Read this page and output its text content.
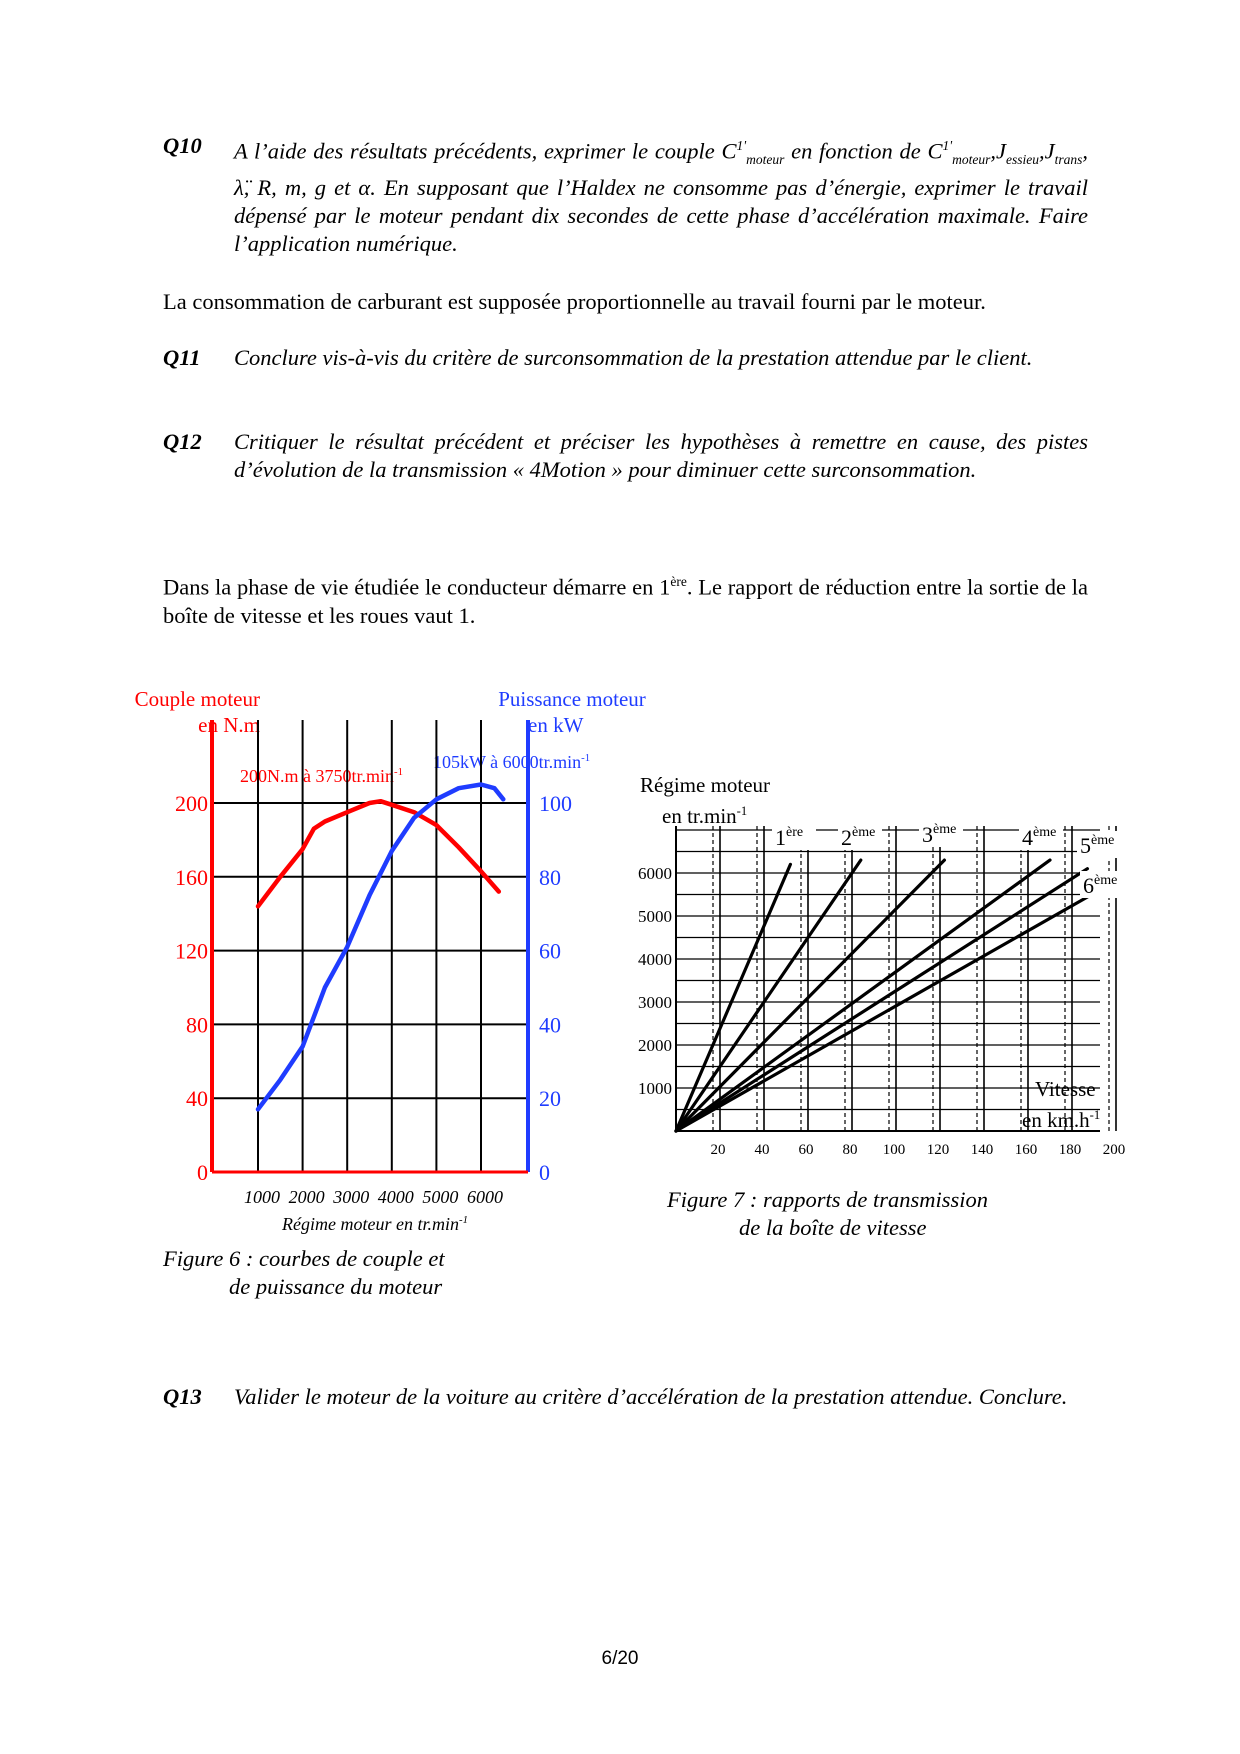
Q10 A l’aide des résultats précédents, exprimer le couple $C^{1'}_{moteur}$ en fonction de $C^{1'}_{moteur},J_{essieu},J_{trans}$, λ̈, R, m, g et α. En supposant que l’Haldex ne consomme pas d’énergie, exprimer le travail dépensé par le moteur pendant dix secondes de cette phase d’accélération maximale. Faire l’application numérique.
La consommation de carburant est supposée proportionnelle au travail fourni par le moteur.
Q11 Conclure vis-à-vis du critère de surconsommation de la prestation attendue par le client.
Q12 Critiquer le résultat précédent et préciser les hypothèses à remettre en cause, des pistes d’évolution de la transmission « 4Motion » pour diminuer cette surconsommation.
Dans la phase de vie étudiée le conducteur démarre en 1ère. Le rapport de réduction entre la sortie de la boîte de vitesse et les roues vaut 1.
Couple moteur
en N.m
Puissance moteur
en kW
200N.m à $3750tr.\min^{-1}$ 105kW à $6000tr.\min^{-1}$
Régime moteur en $tr.\min^{-1}$
Figure 6 : courbes de couple et
de puissance du moteur
Régime moteur
en $tr.\min^{-1}$
Vitesse
en $km.h^{-1}$
Figure 7 : rapports de transmission
de la boîte de vitesse
0
40
80
120
160
200
0
20
40
60
80
100
1000 2000 3000 4000 5000 6000
1000
2000
3000
4000
5000
6000
20 40 60 80 100 120 140 160 180 200
1ère 2ème 3ème	4ème
5ème
6ème
Q13 Valider le moteur de la voiture au critère d’accélération de la prestation attendue. Conclure.
6/20
